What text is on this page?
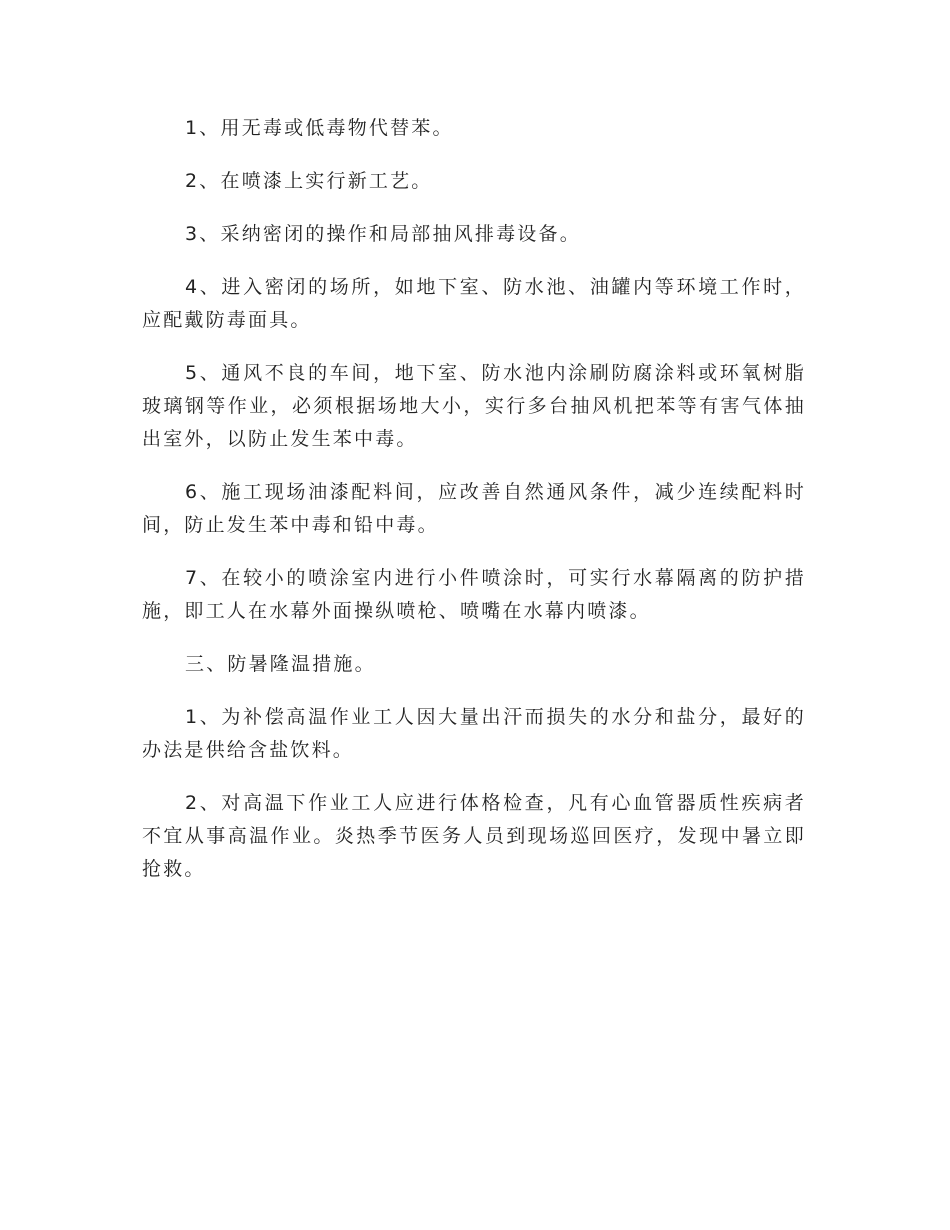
1、用无毒或低毒物代替苯。

2、在喷漆上实行新工艺。

3、采纳密闭的操作和局部抽风排毒设备。

4、进入密闭的场所，如地下室、防水池、油罐内等环境工作时，应配戴防毒面具。

5、通风不良的车间，地下室、防水池内涂刷防腐涂料或环氧树脂玻璃钢等作业，必须根据场地大小，实行多台抽风机把苯等有害气体抽出室外，以防止发生苯中毒。

6、施工现场油漆配料间，应改善自然通风条件，减少连续配料时间，防止发生苯中毒和铅中毒。

7、在较小的喷涂室内进行小件喷涂时，可实行水幕隔离的防护措施，即工人在水幕外面操纵喷枪、喷嘴在水幕内喷漆。

三、防暑隆温措施。

1、为补偿高温作业工人因大量出汗而损失的水分和盐分，最好的办法是供给含盐饮料。

2、对高温下作业工人应进行体格检查，凡有心血管器质性疾病者不宜从事高温作业。炎热季节医务人员到现场巡回医疗，发现中暑立即抢救。
